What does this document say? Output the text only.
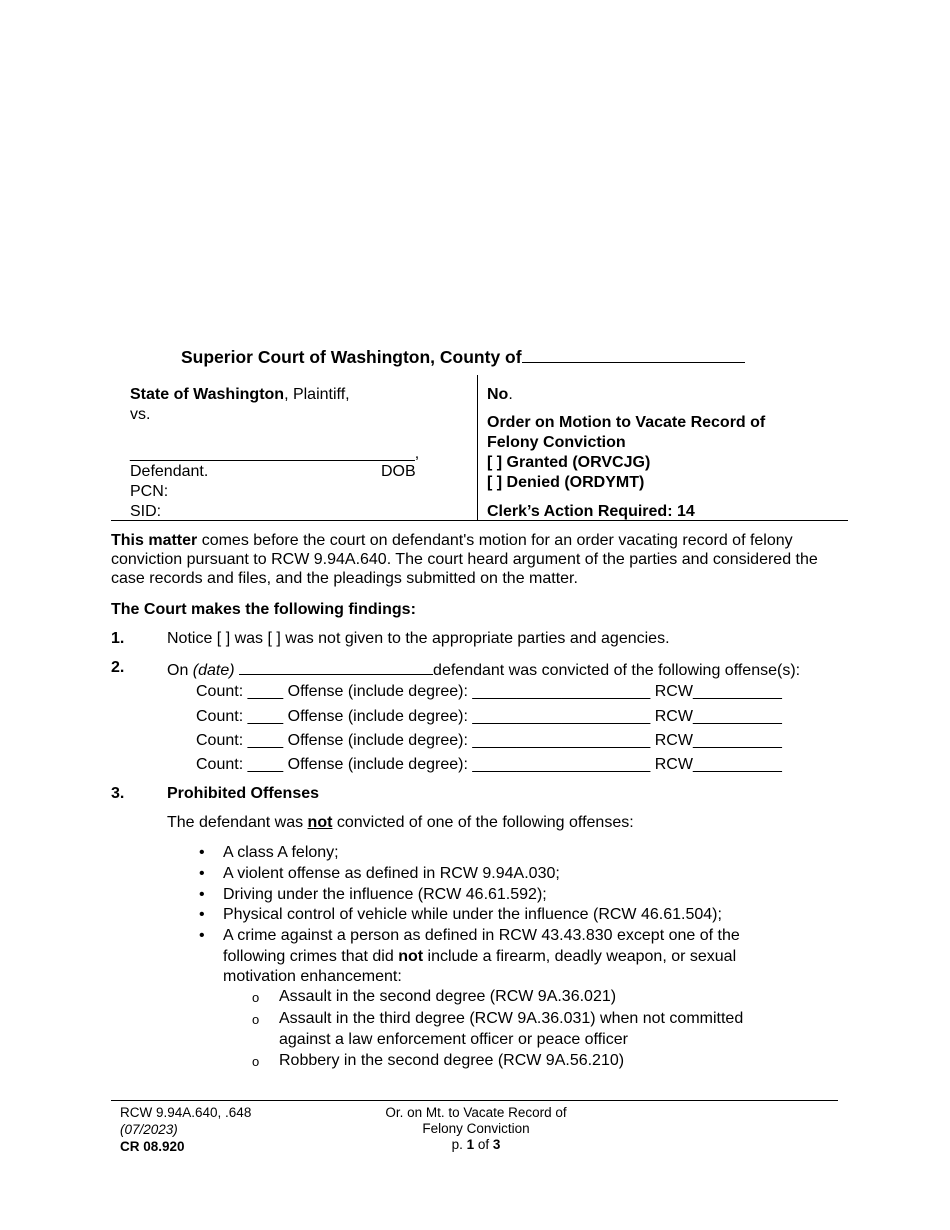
Superior Court of Washington, County of
State of Washington, Plaintiff,
vs.
________________________________,
Defendant.	DOB
PCN:
SID:
No.
Order on Motion to Vacate Record of
Felony Conviction
[ ] Granted (ORVCJG)
[ ] Denied (ORDYMT)
Clerk’s Action Required: 14
This matter comes before the court on defendant's motion for an order vacating record of felony conviction pursuant to RCW 9.94A.640. The court heard argument of the parties and considered the case records and files, and the pleadings submitted on the matter.
The Court makes the following findings:
1.	Notice [ ] was [ ] was not given to the appropriate parties and agencies.
2.	On (date)	defendant was convicted of the following offense(s):
Count: ____ Offense (include degree): ____________________ RCW__________
Count: ____ Offense (include degree): ____________________ RCW__________
Count: ____ Offense (include degree): ____________________ RCW__________
Count: ____ Offense (include degree): ____________________ RCW__________
3.	Prohibited Offenses
The defendant was not convicted of one of the following offenses:
• A class A felony;
• A violent offense as defined in RCW 9.94A.030;
• Driving under the influence (RCW 46.61.592);
• Physical control of vehicle while under the influence (RCW 46.61.504);
• A crime against a person as defined in RCW 43.43.830 except one of the following crimes that did not include a firearm, deadly weapon, or sexual motivation enhancement:
o Assault in the second degree (RCW 9A.36.021)
o Assault in the third degree (RCW 9A.36.031) when not committed against a law enforcement officer or peace officer
o Robbery in the second degree (RCW 9A.56.210)
RCW 9.94A.640, .648
(07/2023)
CR 08.920
Or. on Mt. to Vacate Record of
Felony Conviction
p. 1 of 3
